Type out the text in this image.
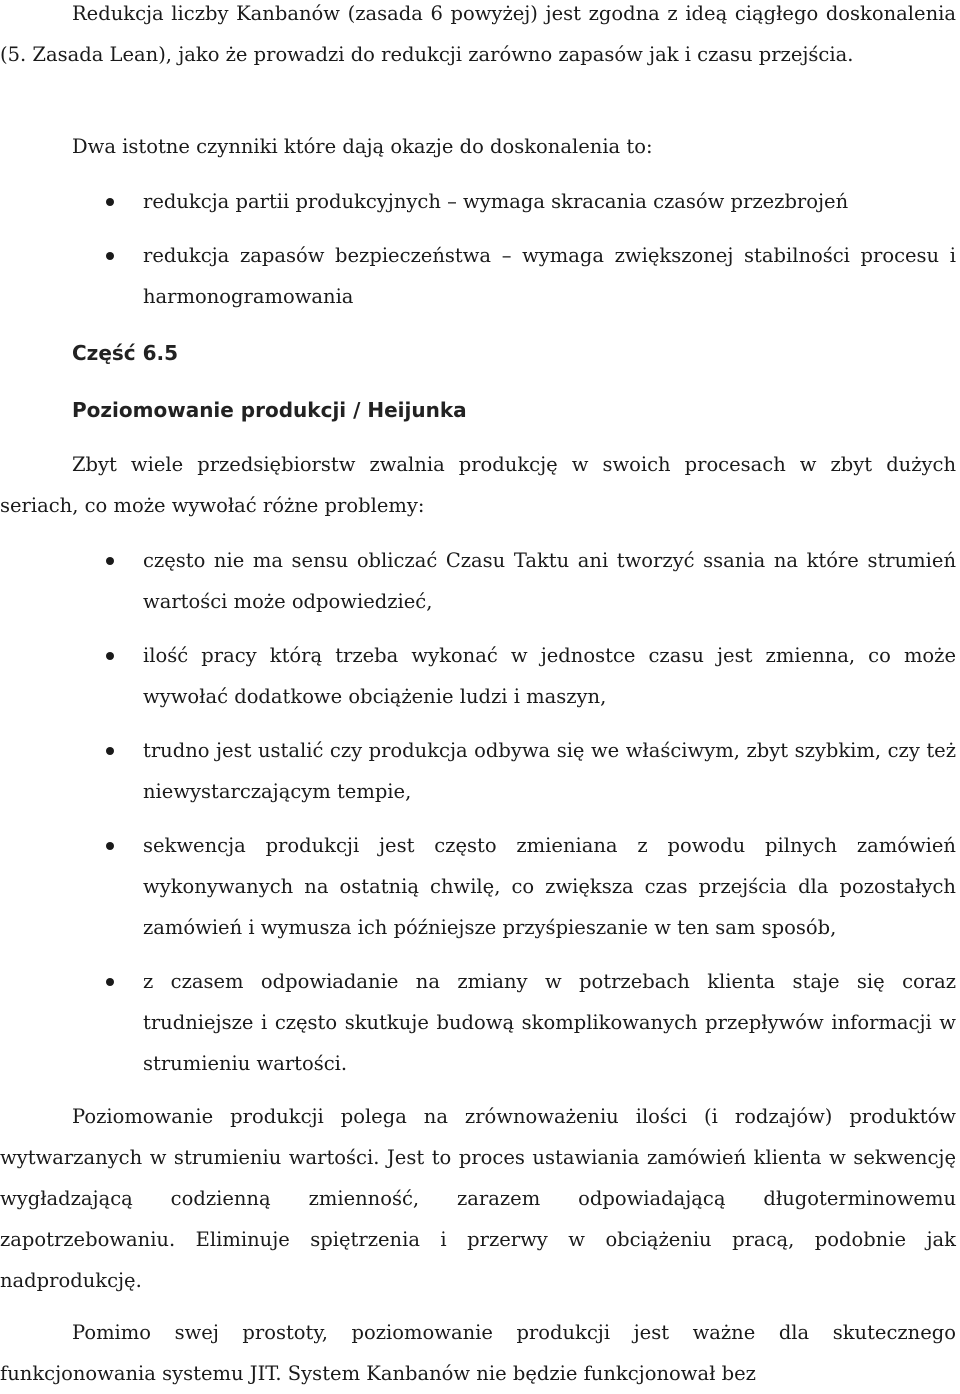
Redukcja liczby Kanbanów (zasada 6 powyżej) jest zgodna z ideą ciągłego doskonalenia (5. Zasada Lean), jako że prowadzi do redukcji zarówno zapasów jak i czasu przejścia.

Dwa istotne czynniki które dają okazje do doskonalenia to:

redukcja partii produkcyjnych – wymaga skracania czasów przezbrojeń
redukcja zapasów bezpieczeństwa – wymaga zwiększonej stabilności procesu i harmonogramowania
Część 6.5
Poziomowanie produkcji / Heijunka

Zbyt wiele przedsiębiorstw zwalnia produkcję w swoich procesach w zbyt dużych seriach, co może wywołać różne problemy:

często nie ma sensu obliczać Czasu Taktu ani tworzyć ssania na które strumień wartości może odpowiedzieć,
ilość pracy którą trzeba wykonać w jednostce czasu jest zmienna, co może wywołać dodatkowe obciążenie ludzi i maszyn,
trudno jest ustalić czy produkcja odbywa się we właściwym, zbyt szybkim, czy też niewystarczającym tempie,
sekwencja produkcji jest często zmieniana z powodu pilnych zamówień wykonywanych na ostatnią chwilę, co zwiększa czas przejścia dla pozostałych zamówień i wymusza ich późniejsze przyśpieszanie w ten sam sposób,
z czasem odpowiadanie na zmiany w potrzebach klienta staje się coraz trudniejsze i często skutkuje budową skomplikowanych przepływów informacji w strumieniu wartości.

Poziomowanie produkcji polega na zrównoważeniu ilości (i rodzajów) produktów wytwarzanych w strumieniu wartości. Jest to proces ustawiania zamówień klienta w sekwencję wygładzającą codzienną zmienność, zarazem odpowiadającą długoterminowemu zapotrzebowaniu. Eliminuje spiętrzenia i przerwy w obciążeniu pracą, podobnie jak nadprodukcję.

Pomimo swej prostoty, poziomowanie produkcji jest ważne dla skutecznego funkcjonowania systemu JIT. System Kanbanów nie będzie funkcjonował bez
